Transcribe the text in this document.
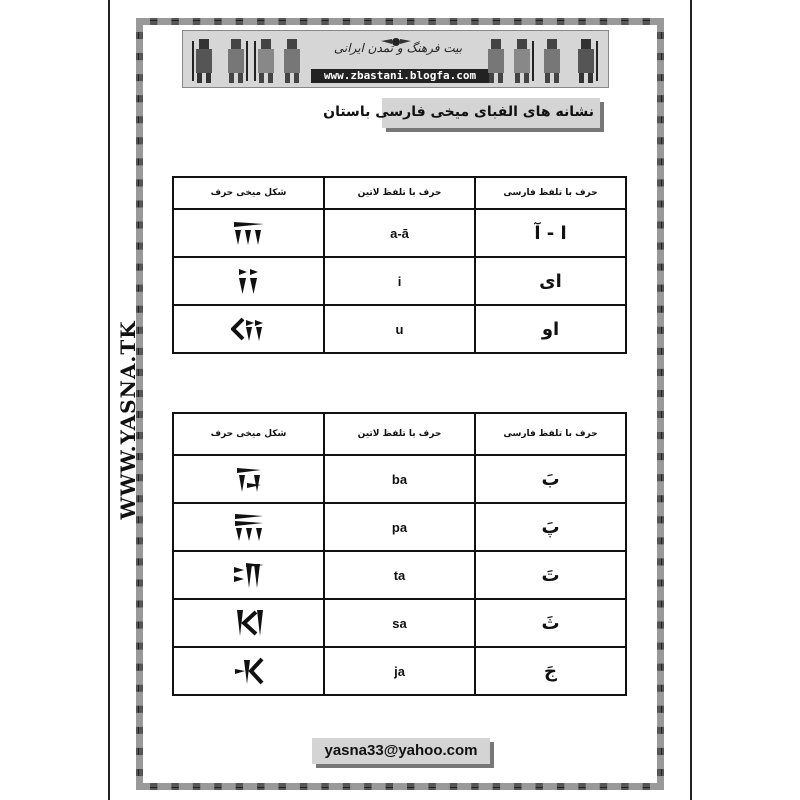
WWW.YASNA.TK
بیت فرهنگ و تمدن ایرانی
www.zbastani.blogfa.com
نشانه های الفبای میخی فارسی باستان
شکل میخی حرف	حرف با تلفظ لاتین	حرف با تلفظ فارسی

	a-ā	ا - آ

	i	ای

	u	او
شکل میخی حرف	حرف با تلفظ لاتین	حرف با تلفظ فارسی

	ba	بَ

	pa	پَ

	ta	تَ

	sa	ثَ

	ja	جَ
yasna33@yahoo.com
